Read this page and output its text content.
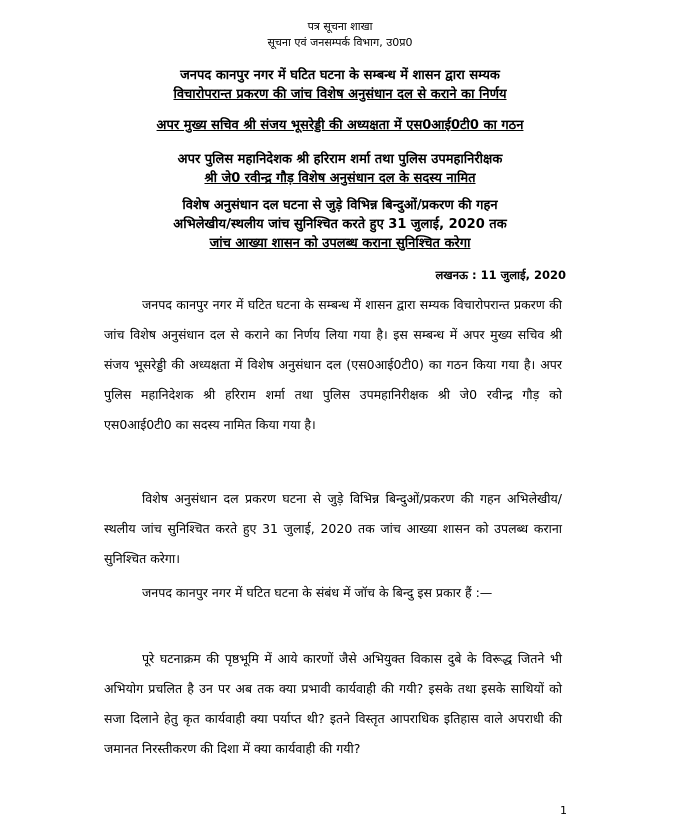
पत्र सूचना शाखा
सूचना एवं जनसम्पर्क विभाग, उ0प्र0
जनपद कानपुर नगर में घटित घटना के सम्बन्ध में शासन द्वारा सम्यक
विचारोपरान्त प्रकरण की जांच विशेष अनुसंधान दल से कराने का निर्णय
अपर मुख्य सचिव श्री संजय भूसरेड्डी की अध्यक्षता में एस0आई0टी0 का गठन
अपर पुलिस महानिदेशक श्री हरिराम शर्मा तथा पुलिस उपमहानिरीक्षक
श्री जे0 रवीन्द्र गौड़ विशेष अनुसंधान दल के सदस्य नामित
विशेष अनुसंधान दल घटना से जुड़े विभिन्न बिन्दुओं/प्रकरण की गहन
अभिलेखीय/स्थलीय जांच सुनिश्चित करते हुए 31 जुलाई, 2020 तक
जांच आख्या शासन को उपलब्ध कराना सुनिश्चित करेगा
लखनऊ : 11 जुलाई, 2020
जनपद कानपुर नगर में घटित घटना के सम्बन्ध में शासन द्वारा सम्यक विचारोपरान्त प्रकरण की जांच विशेष अनुसंधान दल से कराने का निर्णय लिया गया है। इस सम्बन्ध में अपर मुख्य सचिव श्री संजय भूसरेड्डी की अध्यक्षता में विशेष अनुसंधान दल (एस0आई0टी0) का गठन किया गया है। अपर पुलिस महानिदेशक श्री हरिराम शर्मा तथा पुलिस उपमहानिरीक्षक श्री जे0 रवीन्द्र गौड़ को एस0आई0टी0 का सदस्य नामित किया गया है।
विशेष अनुसंधान दल प्रकरण घटना से जुड़े विभिन्न बिन्दुओं/प्रकरण की गहन अभिलेखीय/स्थलीय जांच सुनिश्चित करते हुए 31 जुलाई, 2020 तक जांच आख्या शासन को उपलब्ध कराना सुनिश्चित करेगा।
जनपद कानपुर नगर में घटित घटना के संबंध में जॉच के बिन्दु इस प्रकार हैं :—
पूरे घटनाक्रम की पृष्ठभूमि में आये कारणों जैसे अभियुक्त विकास दुबे के विरूद्ध जितने भी अभियोग प्रचलित है उन पर अब तक क्या प्रभावी कार्यवाही की गयी? इसके तथा इसके साथियों को सजा दिलाने हेतु कृत कार्यवाही क्या पर्याप्त थी? इतने विस्तृत आपराधिक इतिहास वाले अपराधी की जमानत निरस्तीकरण की दिशा में क्या कार्यवाही की गयी?
1
